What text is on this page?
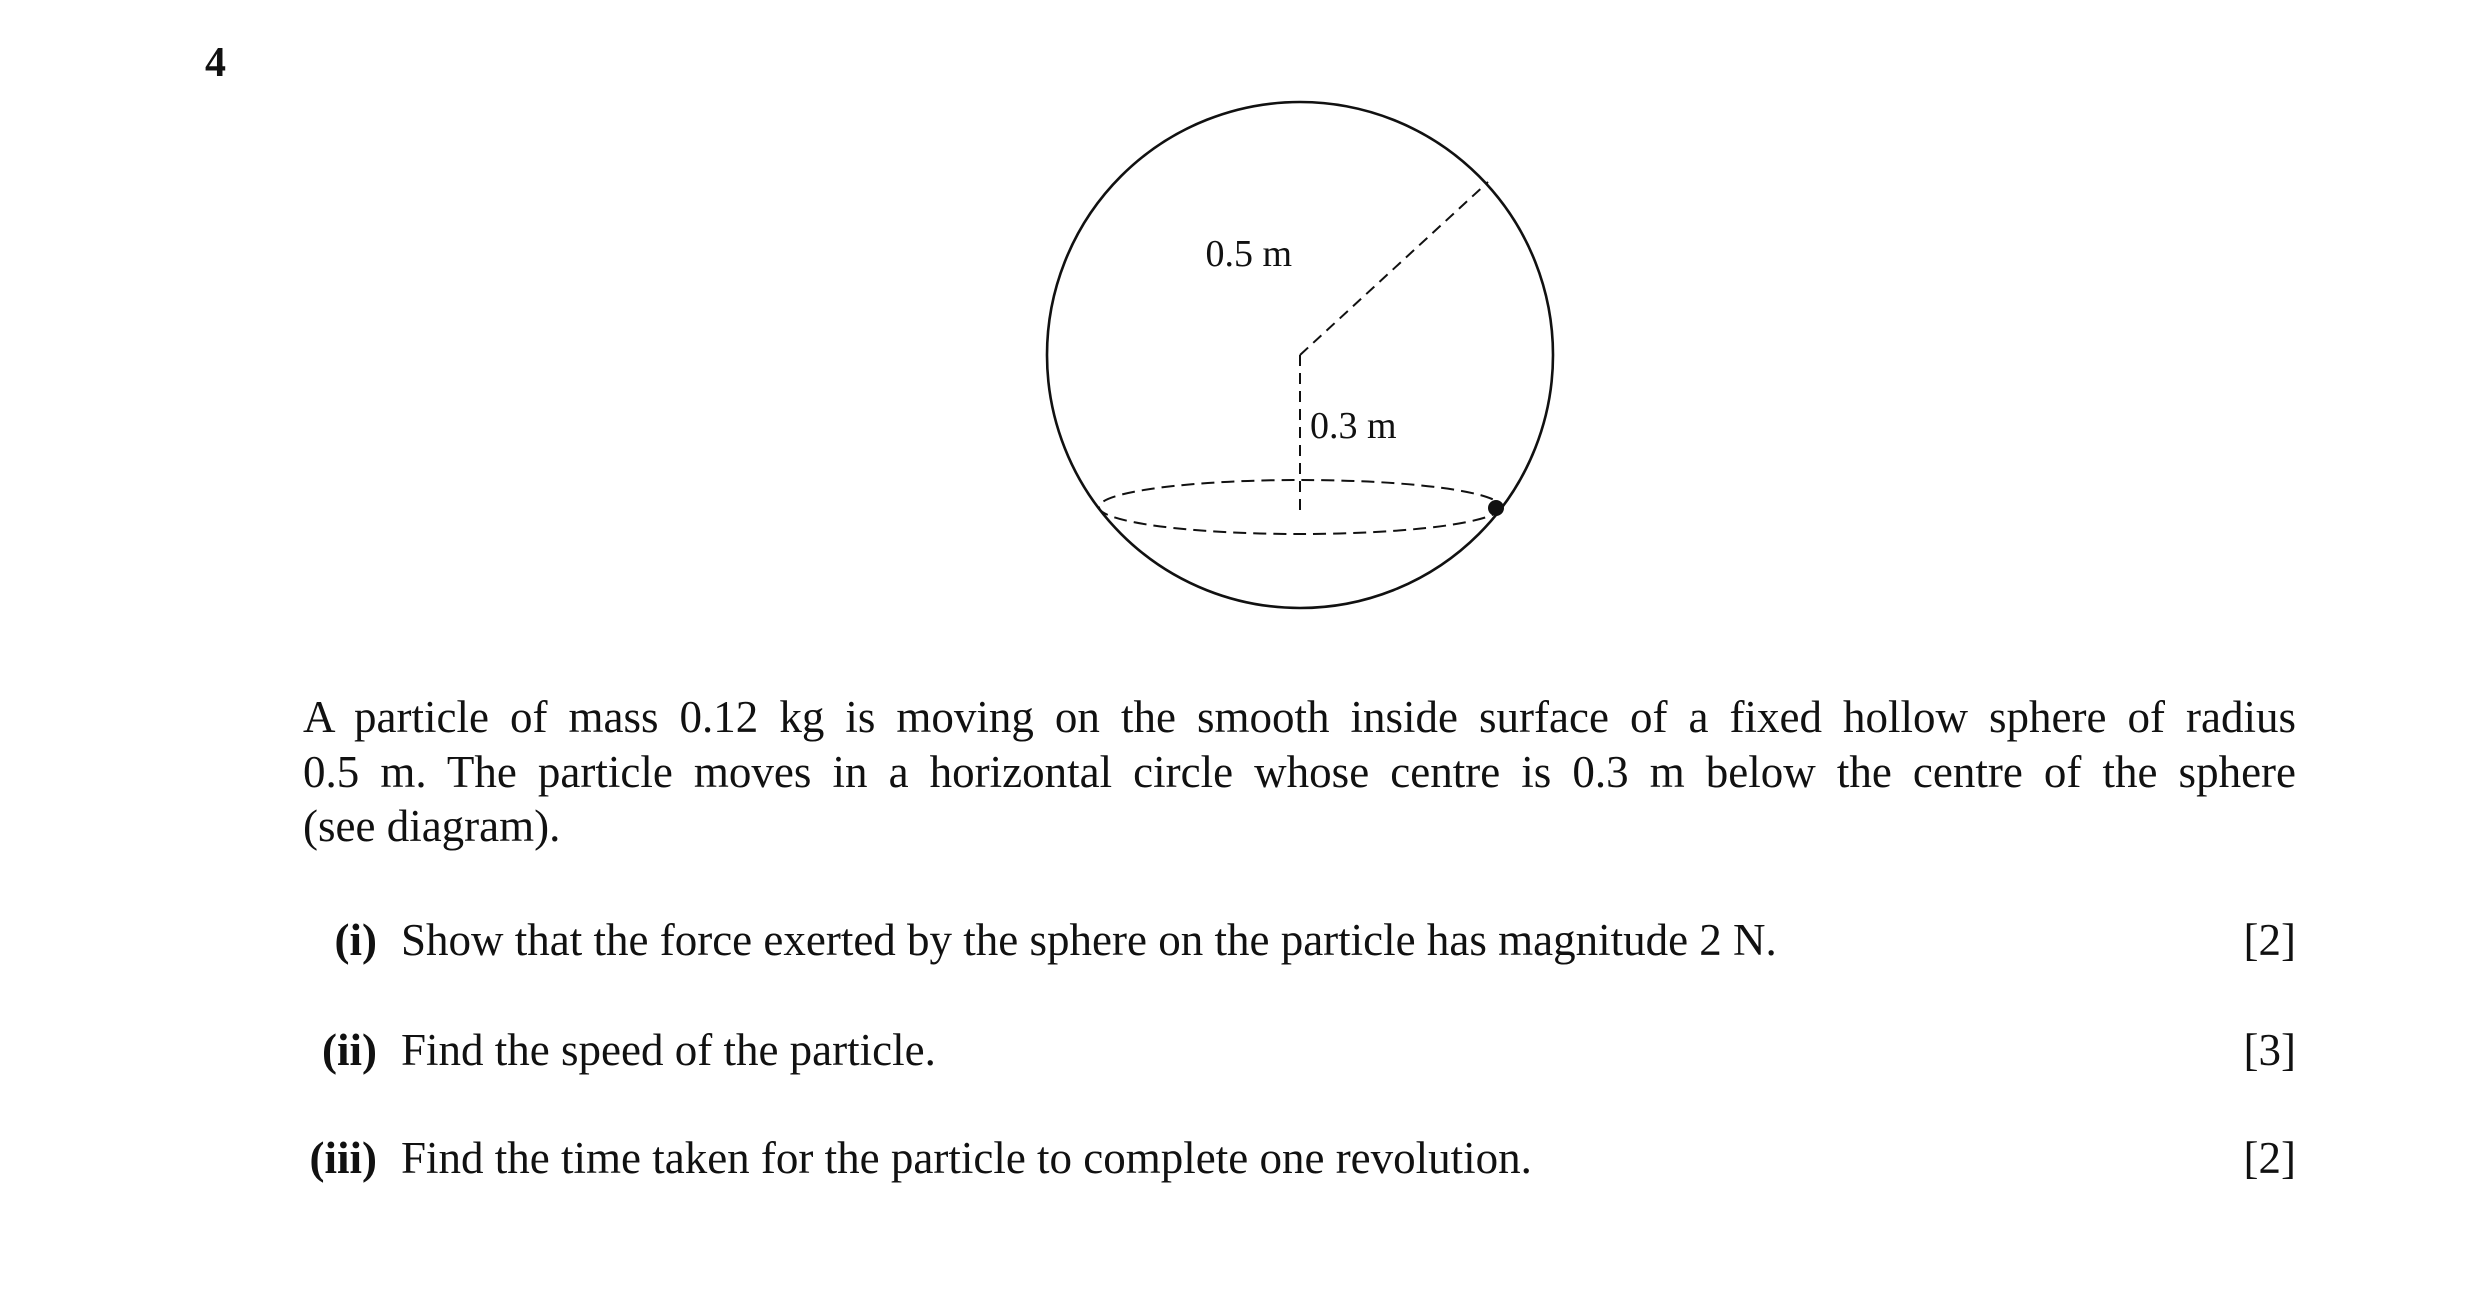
4
0.5 m
0.3 m
A particle of mass 0.12 kg is moving on the smooth inside surface of a fixed hollow sphere of radius
0.5 m. The particle moves in a horizontal circle whose centre is 0.3 m below the centre of the sphere
(see diagram).
(i) Show that the force exerted by the sphere on the particle has magnitude 2 N.	[2]
(ii) Find the speed of the particle.	[3]
(iii) Find the time taken for the particle to complete one revolution.	[2]
